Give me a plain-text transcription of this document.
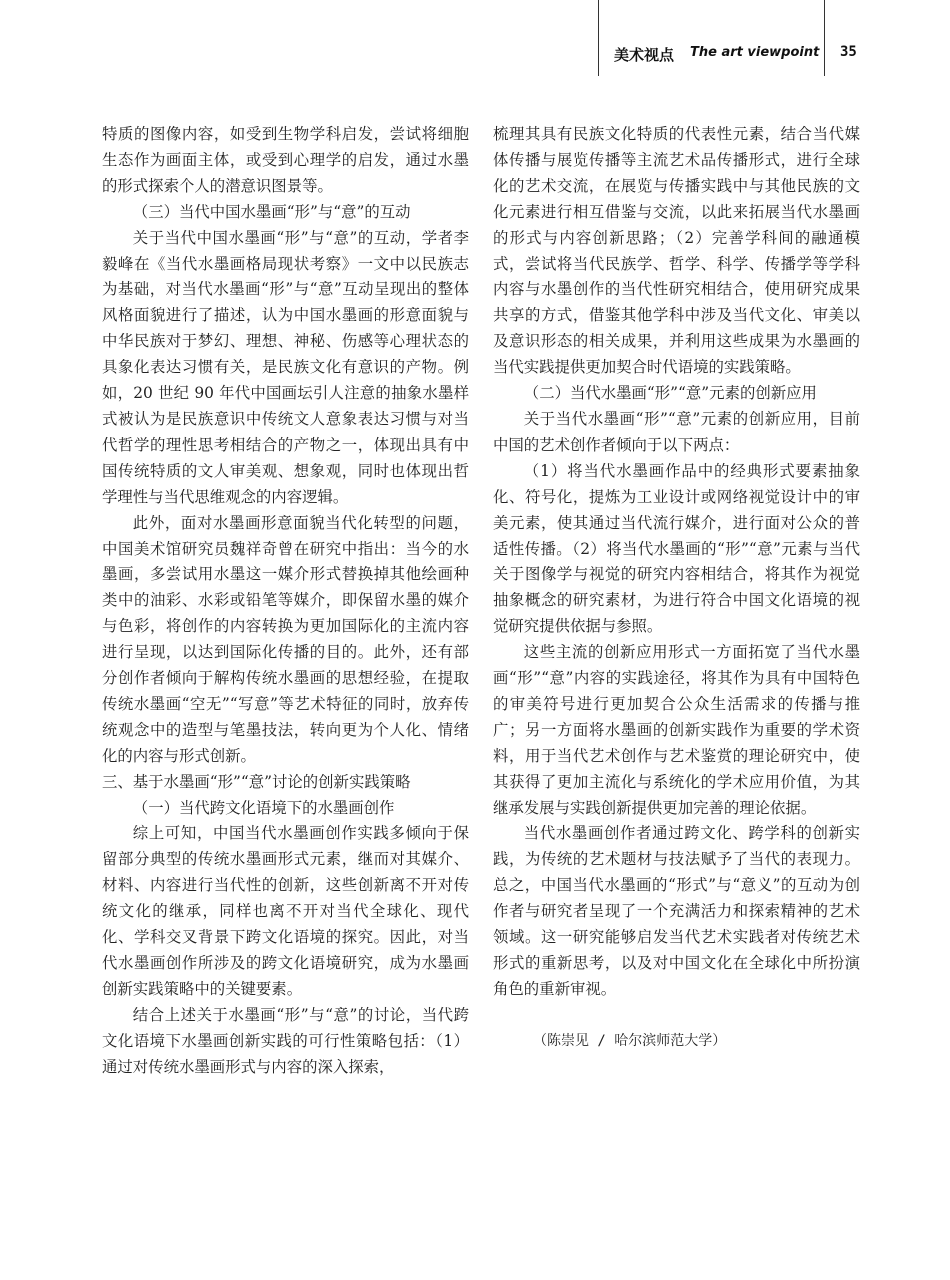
美术视点 The art viewpoint 35

特质的图像内容，如受到生物学科启发，尝试将细胞生态作为画面主体，或受到心理学的启发，通过水墨的形式探索个人的潜意识图景等。

（三）当代中国水墨画“形”与“意”的互动

关于当代中国水墨画“形”与“意”的互动，学者李毅峰在《当代水墨画格局现状考察》一文中以民族志为基础，对当代水墨画“形”与“意”互动呈现出的整体风格面貌进行了描述，认为中国水墨画的形意面貌与中华民族对于梦幻、理想、神秘、伤感等心理状态的具象化表达习惯有关，是民族文化有意识的产物。例如，20 世纪 90 年代中国画坛引人注意的抽象水墨样式被认为是民族意识中传统文人意象表达习惯与对当代哲学的理性思考相结合的产物之一，体现出具有中国传统特质的文人审美观、想象观，同时也体现出哲学理性与当代思维观念的内容逻辑。

此外，面对水墨画形意面貌当代化转型的问题，中国美术馆研究员魏祥奇曾在研究中指出：当今的水墨画，多尝试用水墨这一媒介形式替换掉其他绘画种类中的油彩、水彩或铅笔等媒介，即保留水墨的媒介与色彩，将创作的内容转换为更加国际化的主流内容进行呈现，以达到国际化传播的目的。此外，还有部分创作者倾向于解构传统水墨画的思想经验，在提取传统水墨画“空无”“写意”等艺术特征的同时，放弃传统观念中的造型与笔墨技法，转向更为个人化、情绪化的内容与形式创新。

三、基于水墨画“形”“意”讨论的创新实践策略

（一）当代跨文化语境下的水墨画创作

综上可知，中国当代水墨画创作实践多倾向于保留部分典型的传统水墨画形式元素，继而对其媒介、材料、内容进行当代性的创新，这些创新离不开对传统文化的继承，同样也离不开对当代全球化、现代化、学科交叉背景下跨文化语境的探究。因此，对当代水墨画创作所涉及的跨文化语境研究，成为水墨画创新实践策略中的关键要素。

结合上述关于水墨画“形”与“意”的讨论，当代跨文化语境下水墨画创新实践的可行性策略包括：（1）通过对传统水墨画形式与内容的深入探索，

梳理其具有民族文化特质的代表性元素，结合当代媒体传播与展览传播等主流艺术品传播形式，进行全球化的艺术交流，在展览与传播实践中与其他民族的文化元素进行相互借鉴与交流，以此来拓展当代水墨画的形式与内容创新思路；（2）完善学科间的融通模式，尝试将当代民族学、哲学、科学、传播学等学科内容与水墨创作的当代性研究相结合，使用研究成果共享的方式，借鉴其他学科中涉及当代文化、审美以及意识形态的相关成果，并利用这些成果为水墨画的当代实践提供更加契合时代语境的实践策略。

（二）当代水墨画“形”“意”元素的创新应用

关于当代水墨画“形”“意”元素的创新应用，目前中国的艺术创作者倾向于以下两点：

（1）将当代水墨画作品中的经典形式要素抽象化、符号化，提炼为工业设计或网络视觉设计中的审美元素，使其通过当代流行媒介，进行面对公众的普适性传播。（2）将当代水墨画的“形”“意”元素与当代关于图像学与视觉的研究内容相结合，将其作为视觉抽象概念的研究素材，为进行符合中国文化语境的视觉研究提供依据与参照。

这些主流的创新应用形式一方面拓宽了当代水墨画“形”“意”内容的实践途径，将其作为具有中国特色的审美符号进行更加契合公众生活需求的传播与推广；另一方面将水墨画的创新实践作为重要的学术资料，用于当代艺术创作与艺术鉴赏的理论研究中，使其获得了更加主流化与系统化的学术应用价值，为其继承发展与实践创新提供更加完善的理论依据。

当代水墨画创作者通过跨文化、跨学科的创新实践，为传统的艺术题材与技法赋予了当代的表现力。总之，中国当代水墨画的“形式”与“意义”的互动为创作者与研究者呈现了一个充满活力和探索精神的艺术领域。这一研究能够启发当代艺术实践者对传统艺术形式的重新思考，以及对中国文化在全球化中所扮演角色的重新审视。

（陈崇见 / 哈尔滨师范大学）
